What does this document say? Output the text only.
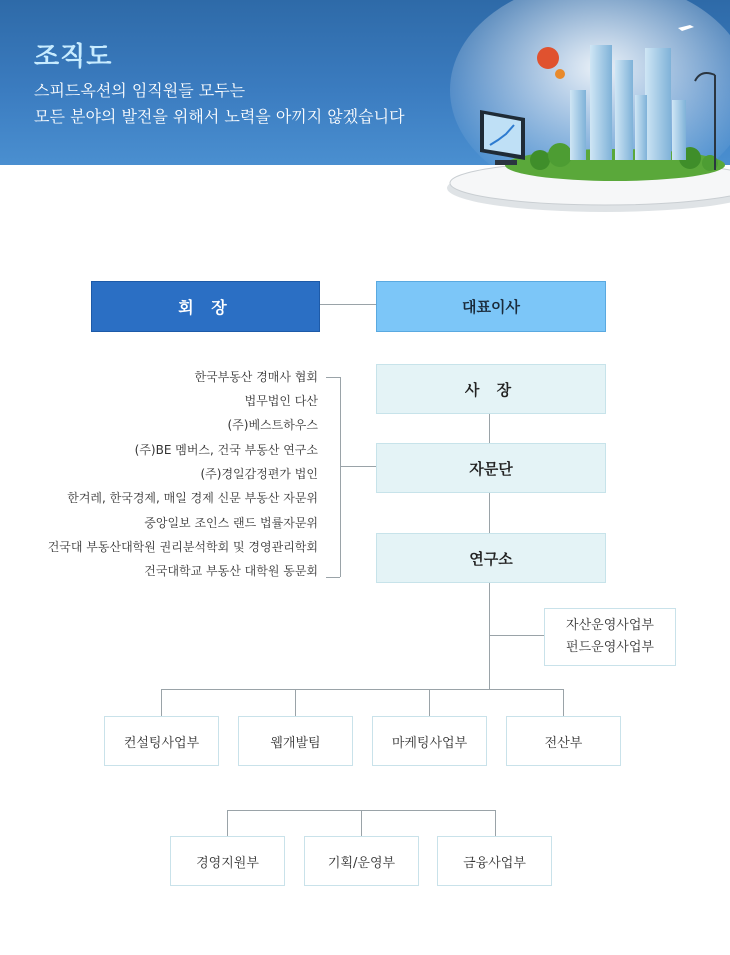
조직도
스피드옥션의 임직원들 모두는
모든 분야의 발전을 위해서 노력을 아끼지 않겠습니다
회 장	대표이사
사 장
자문단
연구소
자산운영사업부
펀드운영사업부
한국부동산 경매사 협회
법무법인 다산
(주)베스트하우스
(주)BE 멤버스, 건국 부동산 연구소
(주)경일감정편가 법인
한겨레, 한국경제, 매일 경제 신문 부동산 자문위
중앙일보 조인스 랜드 법률자문위
건국대 부동산대학원 권리분석학회 및 경영관리학회
건국대학교 부동산 대학원 동문회
컨설팅사업부	웹개발팀	마케팅사업부	전산부
경영지원부	기획/운영부	금융사업부
